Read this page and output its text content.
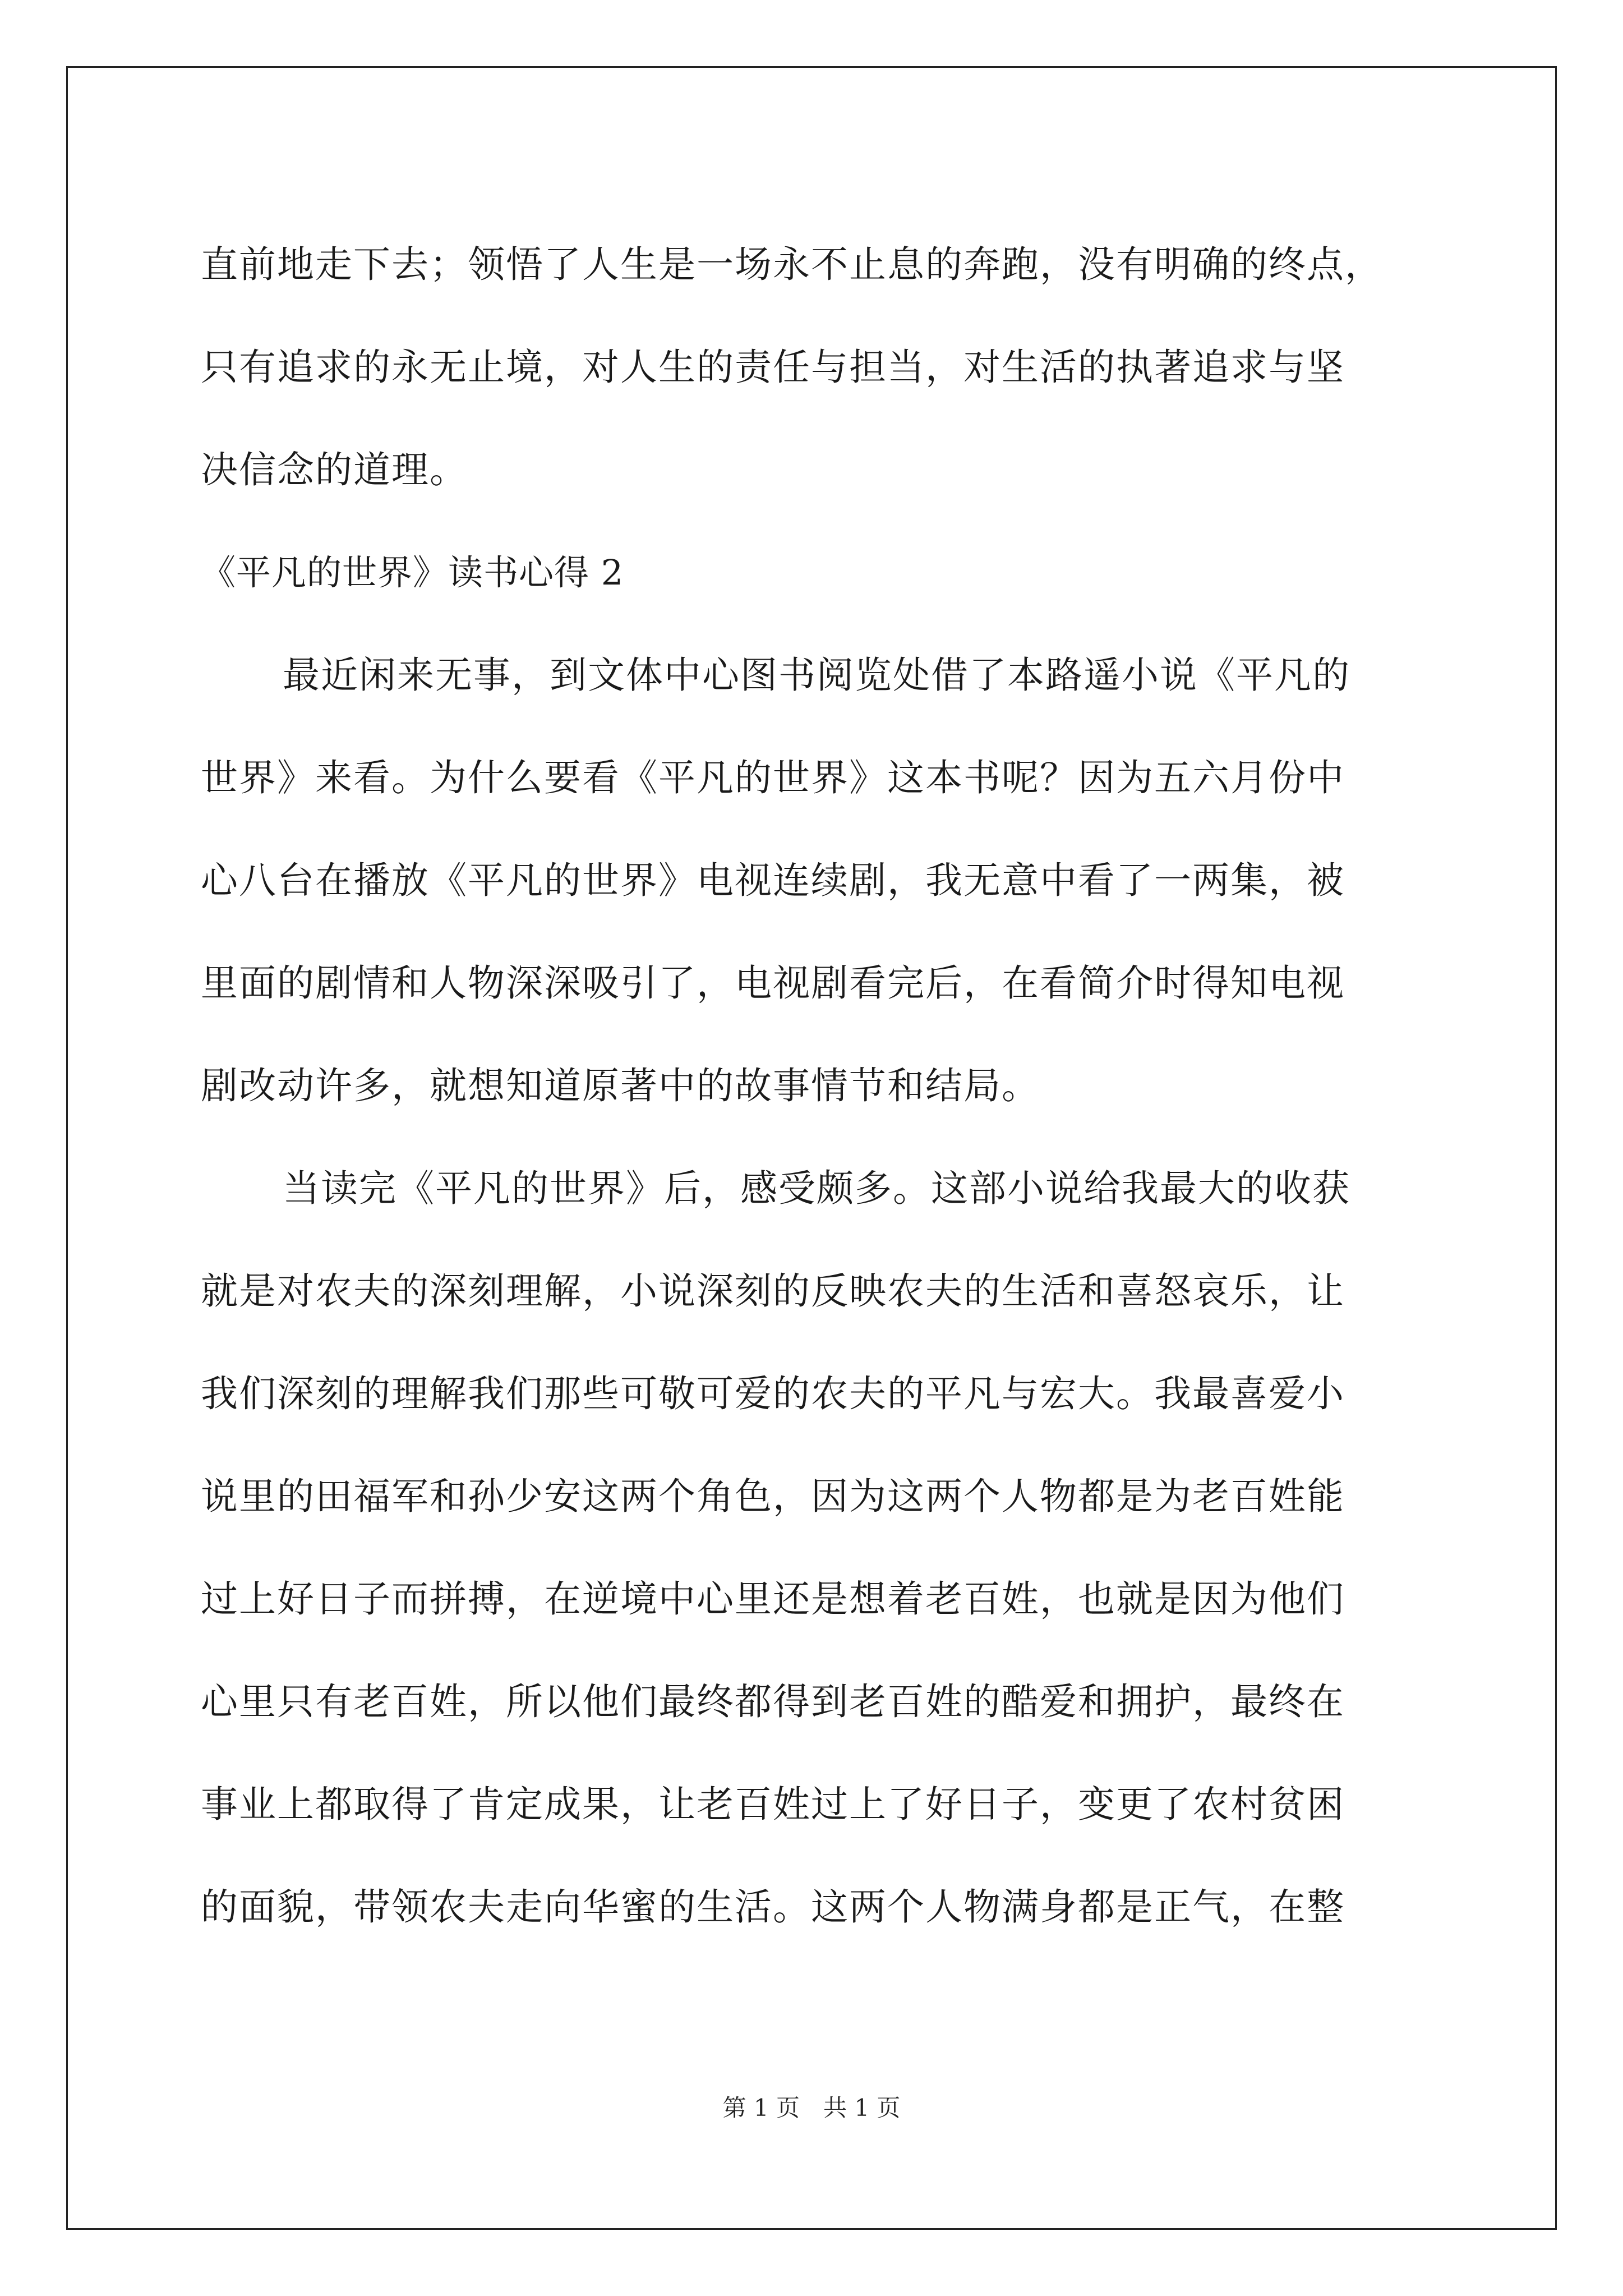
直前地走下去；领悟了人生是一场永不止息的奔跑，没有明确的终点，
只有追求的永无止境，对人生的责任与担当，对生活的执著追求与坚
决信念的道理。
《平凡的世界》读书心得 2
最近闲来无事，到文体中心图书阅览处借了本路遥小说《平凡的
世界》来看。为什么要看《平凡的世界》这本书呢？因为五六月份中
心八台在播放《平凡的世界》电视连续剧，我无意中看了一两集，被
里面的剧情和人物深深吸引了，电视剧看完后，在看简介时得知电视
剧改动许多，就想知道原著中的故事情节和结局。
当读完《平凡的世界》后，感受颇多。这部小说给我最大的收获
就是对农夫的深刻理解，小说深刻的反映农夫的生活和喜怒哀乐，让
我们深刻的理解我们那些可敬可爱的农夫的平凡与宏大。我最喜爱小
说里的田福军和孙少安这两个角色，因为这两个人物都是为老百姓能
过上好日子而拼搏，在逆境中心里还是想着老百姓，也就是因为他们
心里只有老百姓，所以他们最终都得到老百姓的酷爱和拥护，最终在
事业上都取得了肯定成果，让老百姓过上了好日子，变更了农村贫困
的面貌，带领农夫走向华蜜的生活。这两个人物满身都是正气，在整
第 1 页　共 1 页
